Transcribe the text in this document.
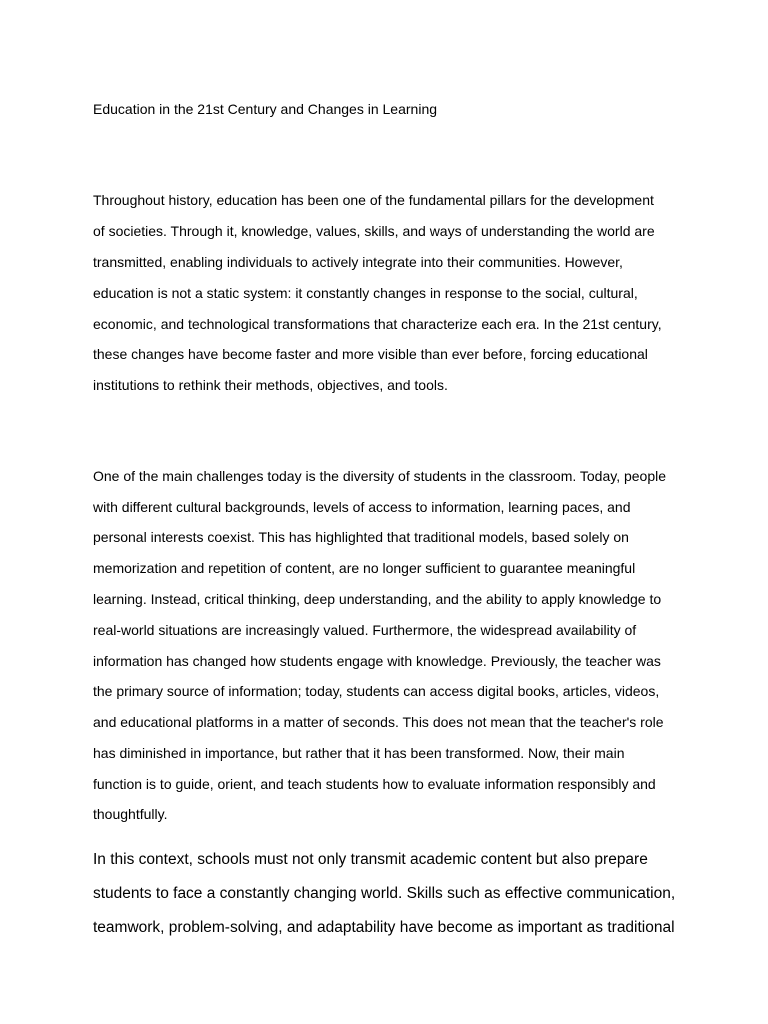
Education in the 21st Century and Changes in Learning
Throughout history, education has been one of the fundamental pillars for the development
of societies. Through it, knowledge, values, skills, and ways of understanding the world are
transmitted, enabling individuals to actively integrate into their communities. However,
education is not a static system: it constantly changes in response to the social, cultural,
economic, and technological transformations that characterize each era. In the 21st century,
these changes have become faster and more visible than ever before, forcing educational
institutions to rethink their methods, objectives, and tools.
One of the main challenges today is the diversity of students in the classroom. Today, people
with different cultural backgrounds, levels of access to information, learning paces, and
personal interests coexist. This has highlighted that traditional models, based solely on
memorization and repetition of content, are no longer sufficient to guarantee meaningful
learning. Instead, critical thinking, deep understanding, and the ability to apply knowledge to
real-world situations are increasingly valued. Furthermore, the widespread availability of
information has changed how students engage with knowledge. Previously, the teacher was
the primary source of information; today, students can access digital books, articles, videos,
and educational platforms in a matter of seconds. This does not mean that the teacher's role
has diminished in importance, but rather that it has been transformed. Now, their main
function is to guide, orient, and teach students how to evaluate information responsibly and
thoughtfully.
In this context, schools must not only transmit academic content but also prepare
students to face a constantly changing world. Skills such as effective communication,
teamwork, problem-solving, and adaptability have become as important as traditional
